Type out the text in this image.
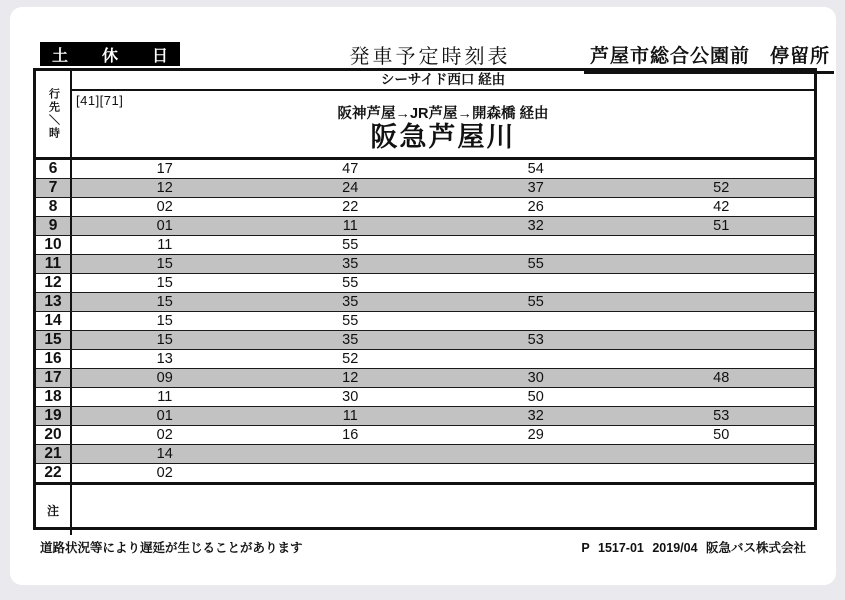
土 休 日	発車予定時刻表	芦屋市総合公園前　停留所
行先＼時
シーサイド西口 経由
[41][71]
阪神芦屋→JR芦屋→開森橋 経由
阪急芦屋川
6	17	47	54
7	12	24	37	52
8	02	22	26	42
9	01	11	32	51
10	11	55
11	15	35	55
12	15	55
13	15	35	55
14	15	55
15	15	35	53
16	13	52
17	09	12	30	48
18	11	30	50
19	01	11	32	53
20	02	16	29	50
21	14
22	02
注
道路状況等により遅延が生じることがあります	P 1517-01 2019/04 阪急バス株式会社
